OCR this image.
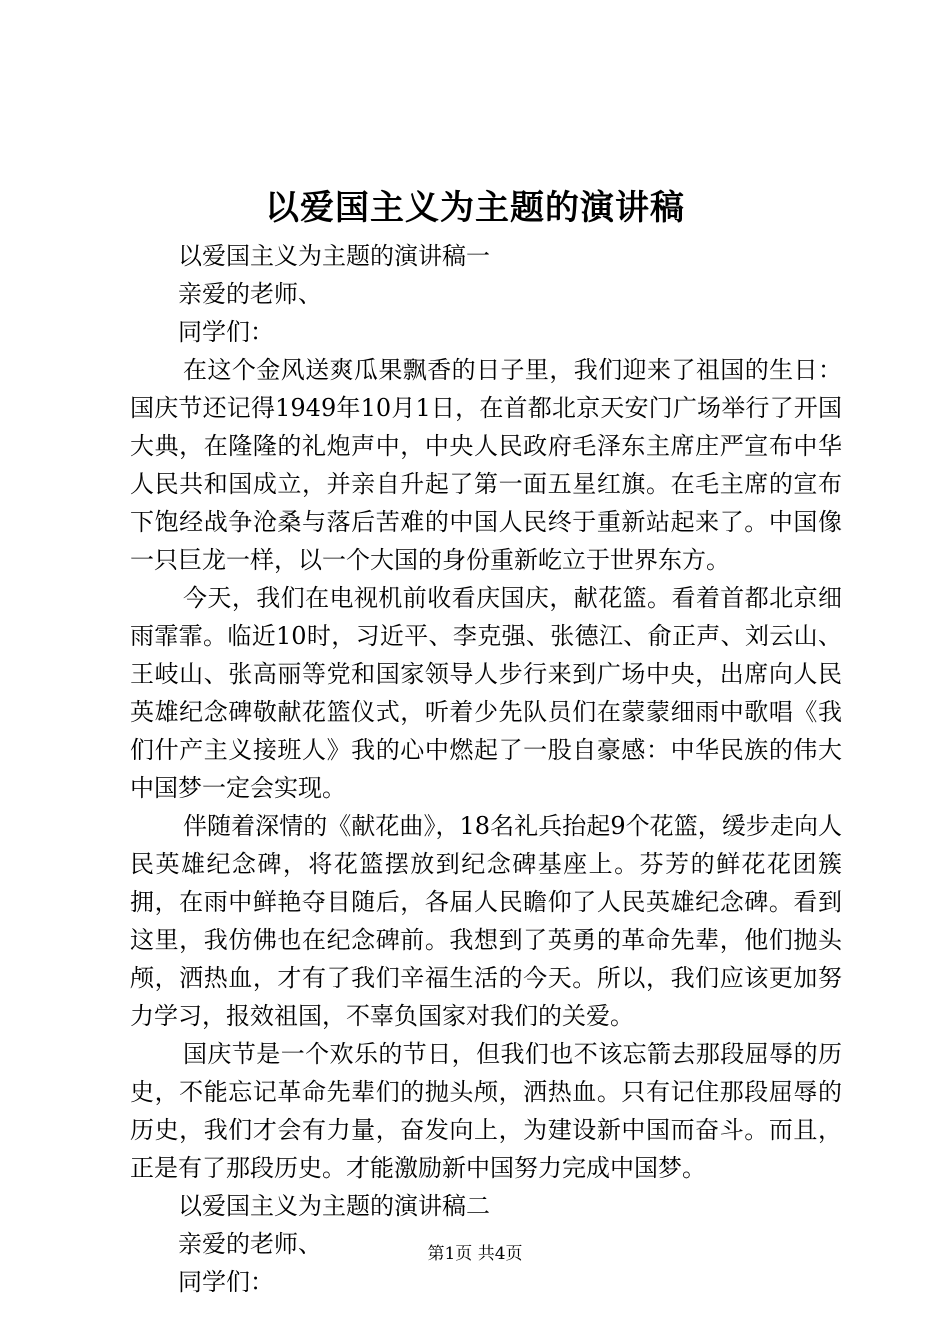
以爱国主义为主题的演讲稿

以爱国主义为主题的演讲稿一

亲爱的老师、

同学们：

在这个金风送爽瓜果飘香的日子里，我们迎来了祖国的生日：国庆节还记得1949年10月1日，在首都北京天安门广场举行了开国大典，在隆隆的礼炮声中，中央人民政府毛泽东主席庄严宣布中华人民共和国成立，并亲自升起了第一面五星红旗。在毛主席的宣布下饱经战争沧桑与落后苦难的中国人民终于重新站起来了。中国像一只巨龙一样，以一个大国的身份重新屹立于世界东方。

今天，我们在电视机前收看庆国庆，献花篮。看着首都北京细雨霏霏。临近10时，习近平、李克强、张德江、俞正声、刘云山、王岐山、张高丽等党和国家领导人步行来到广场中央，出席向人民英雄纪念碑敬献花篮仪式，听着少先队员们在蒙蒙细雨中歌唱《我们什产主义接班人》我的心中燃起了一股自豪感：中华民族的伟大中国梦一定会实现。

伴随着深情的《献花曲》，18名礼兵抬起9个花篮，缓步走向人民英雄纪念碑，将花篮摆放到纪念碑基座上。芬芳的鲜花花团簇拥，在雨中鲜艳夺目随后，各届人民瞻仰了人民英雄纪念碑。看到这里，我仿佛也在纪念碑前。我想到了英勇的革命先辈，他们抛头颅，洒热血，才有了我们辛福生活的今天。所以，我们应该更加努力学习，报效祖国，不辜负国家对我们的关爱。

国庆节是一个欢乐的节日，但我们也不该忘箭去那段屈辱的历史，不能忘记革命先辈们的抛头颅，洒热血。只有记住那段屈辱的历史，我们才会有力量，奋发向上，为建设新中国而奋斗。而且，正是有了那段历史。才能激励新中国努力完成中国梦。

以爱国主义为主题的演讲稿二

亲爱的老师、

同学们：

第1页 共4页
